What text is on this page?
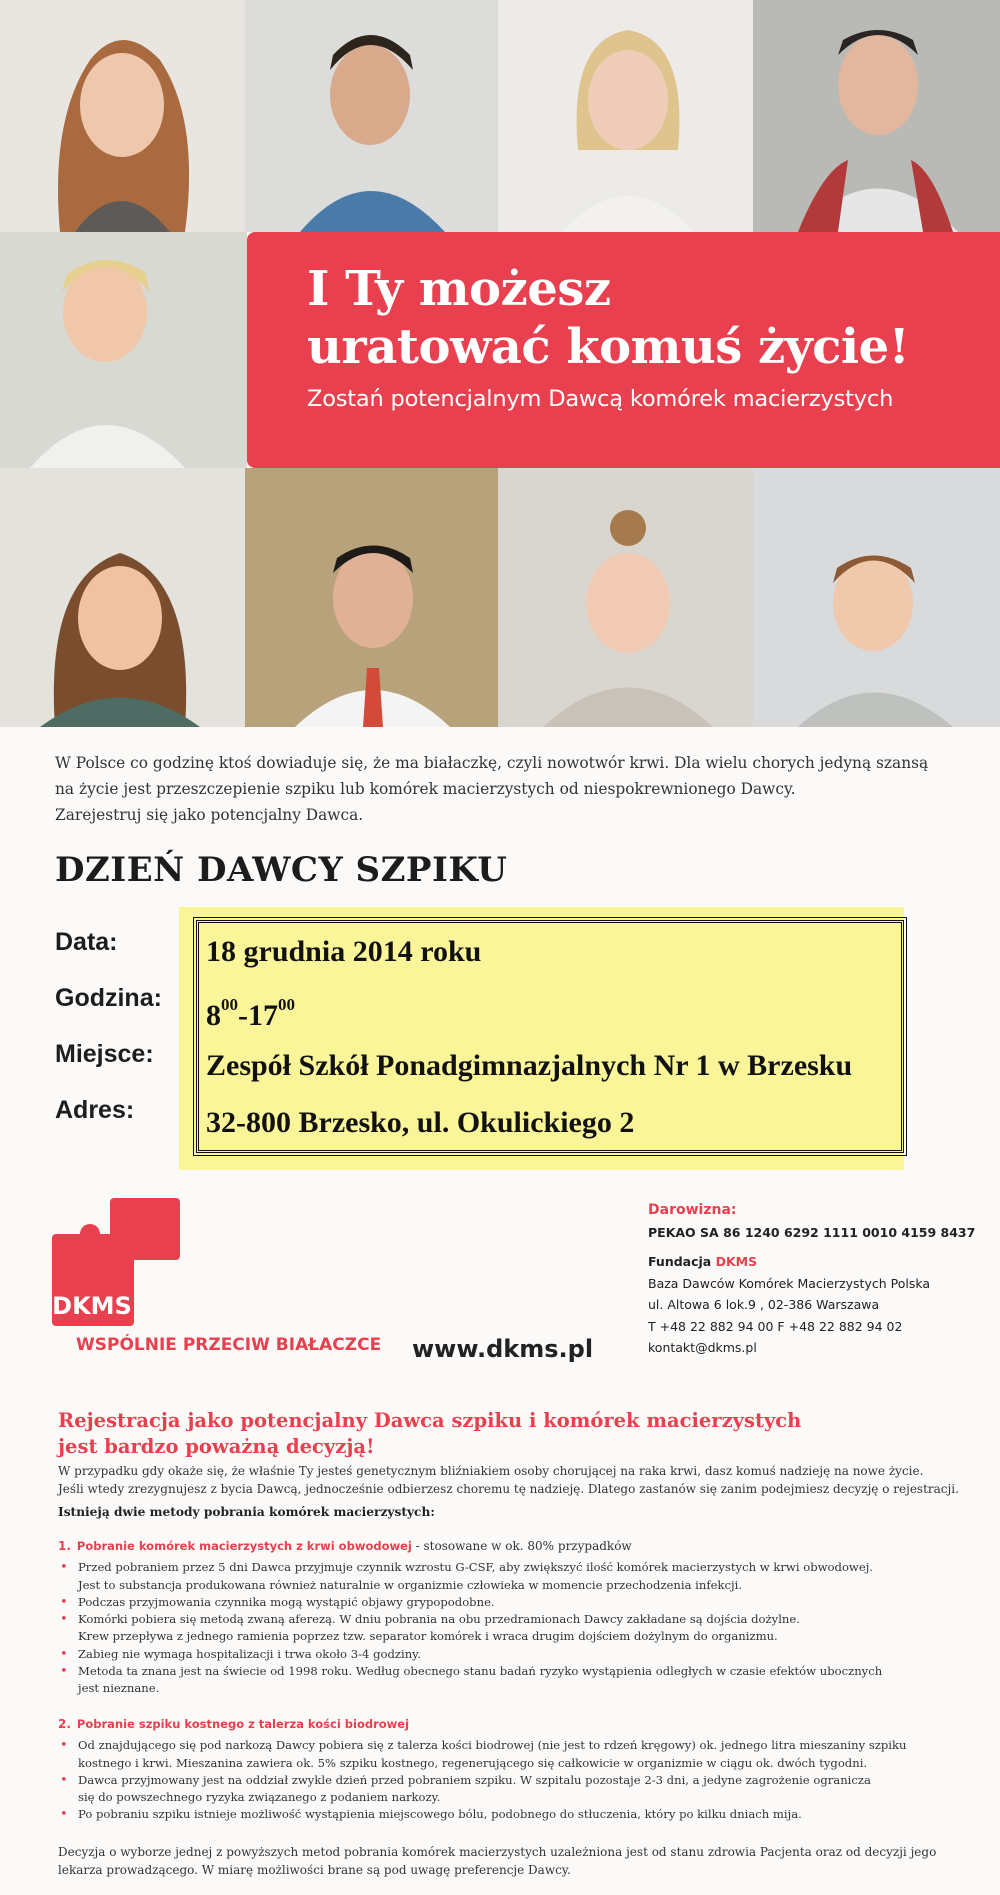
I Ty możesz
uratować komuś życie!
Zostań potencjalnym Dawcą komórek macierzystych

W Polsce co godzinę ktoś dowiaduje się, że ma białaczkę, czyli nowotwór krwi. Dla wielu chorych jedyną szansą

na życie jest przeszczepienie szpiku lub komórek macierzystych od niespokrewnionego Dawcy.

Zarejestruj się jako potencjalny Dawca.

DZIEŃ DAWCY SZPIKU
Data:
Godzina:
Miejsce:
Adres:
18 grudnia 2014 roku
$8^{00}-17^{00}$
Zespół Szkół Ponadgimnazjalnych Nr 1 w Brzesku
32-800 Brzesko, ul. Okulickiego 2
DKMS
WSPÓLNIE PRZECIW BIAŁACZCE www.dkms.pl
Darowizna:
PEKAO SA 86 1240 6292 1111 0010 4159 8437
Fundacja DKMS
Baza Dawców Komórek Macierzystych Polska
ul. Altowa 6 lok.9 , 02-386 Warszawa
T +48 22 882 94 00 F +48 22 882 94 02
kontakt@dkms.pl
Rejestracja jako potencjalny Dawca szpiku i komórek macierzystych
jest bardzo poważną decyzją!
W przypadku gdy okaże się, że właśnie Ty jesteś genetycznym bliźniakiem osoby chorującej na raka krwi, dasz komuś nadzieję na nowe życie.
Jeśli wtedy zrezygnujesz z bycia Dawcą, jednocześnie odbierzesz choremu tę nadzieję. Dlatego zastanów się zanim podejmiesz decyzję o rejestracji.
Istnieją dwie metody pobrania komórek macierzystych:
1. Pobranie komórek macierzystych z krwi obwodowej - stosowane w ok. 80% przypadków
• Przed pobraniem przez 5 dni Dawca przyjmuje czynnik wzrostu G-CSF, aby zwiększyć ilość komórek macierzystych w krwi obwodowej.
Jest to substancja produkowana również naturalnie w organizmie człowieka w momencie przechodzenia infekcji.
• Podczas przyjmowania czynnika mogą wystąpić objawy grypopodobne.
• Komórki pobiera się metodą zwaną aferezą. W dniu pobrania na obu przedramionach Dawcy zakładane są dojścia dożylne.
Krew przepływa z jednego ramienia poprzez tzw. separator komórek i wraca drugim dojściem dożylnym do organizmu.
• Zabieg nie wymaga hospitalizacji i trwa około 3-4 godziny.
• Metoda ta znana jest na świecie od 1998 roku. Według obecnego stanu badań ryzyko wystąpienia odległych w czasie efektów ubocznych
jest nieznane.
2. Pobranie szpiku kostnego z talerza kości biodrowej
• Od znajdującego się pod narkozą Dawcy pobiera się z talerza kości biodrowej (nie jest to rdzeń kręgowy) ok. jednego litra mieszaniny szpiku
kostnego i krwi. Mieszanina zawiera ok. 5% szpiku kostnego, regenerującego się całkowicie w organizmie w ciągu ok. dwóch tygodni.
• Dawca przyjmowany jest na oddział zwykle dzień przed pobraniem szpiku. W szpitalu pozostaje 2-3 dni, a jedyne zagrożenie ogranicza
się do powszechnego ryzyka związanego z podaniem narkozy.
• Po pobraniu szpiku istnieje możliwość wystąpienia miejscowego bólu, podobnego do stłuczenia, który po kilku dniach mija.
Decyzja o wyborze jednej z powyższych metod pobrania komórek macierzystych uzależniona jest od stanu zdrowia Pacjenta oraz od decyzji jego
lekarza prowadzącego. W miarę możliwości brane są pod uwagę preferencje Dawcy.
